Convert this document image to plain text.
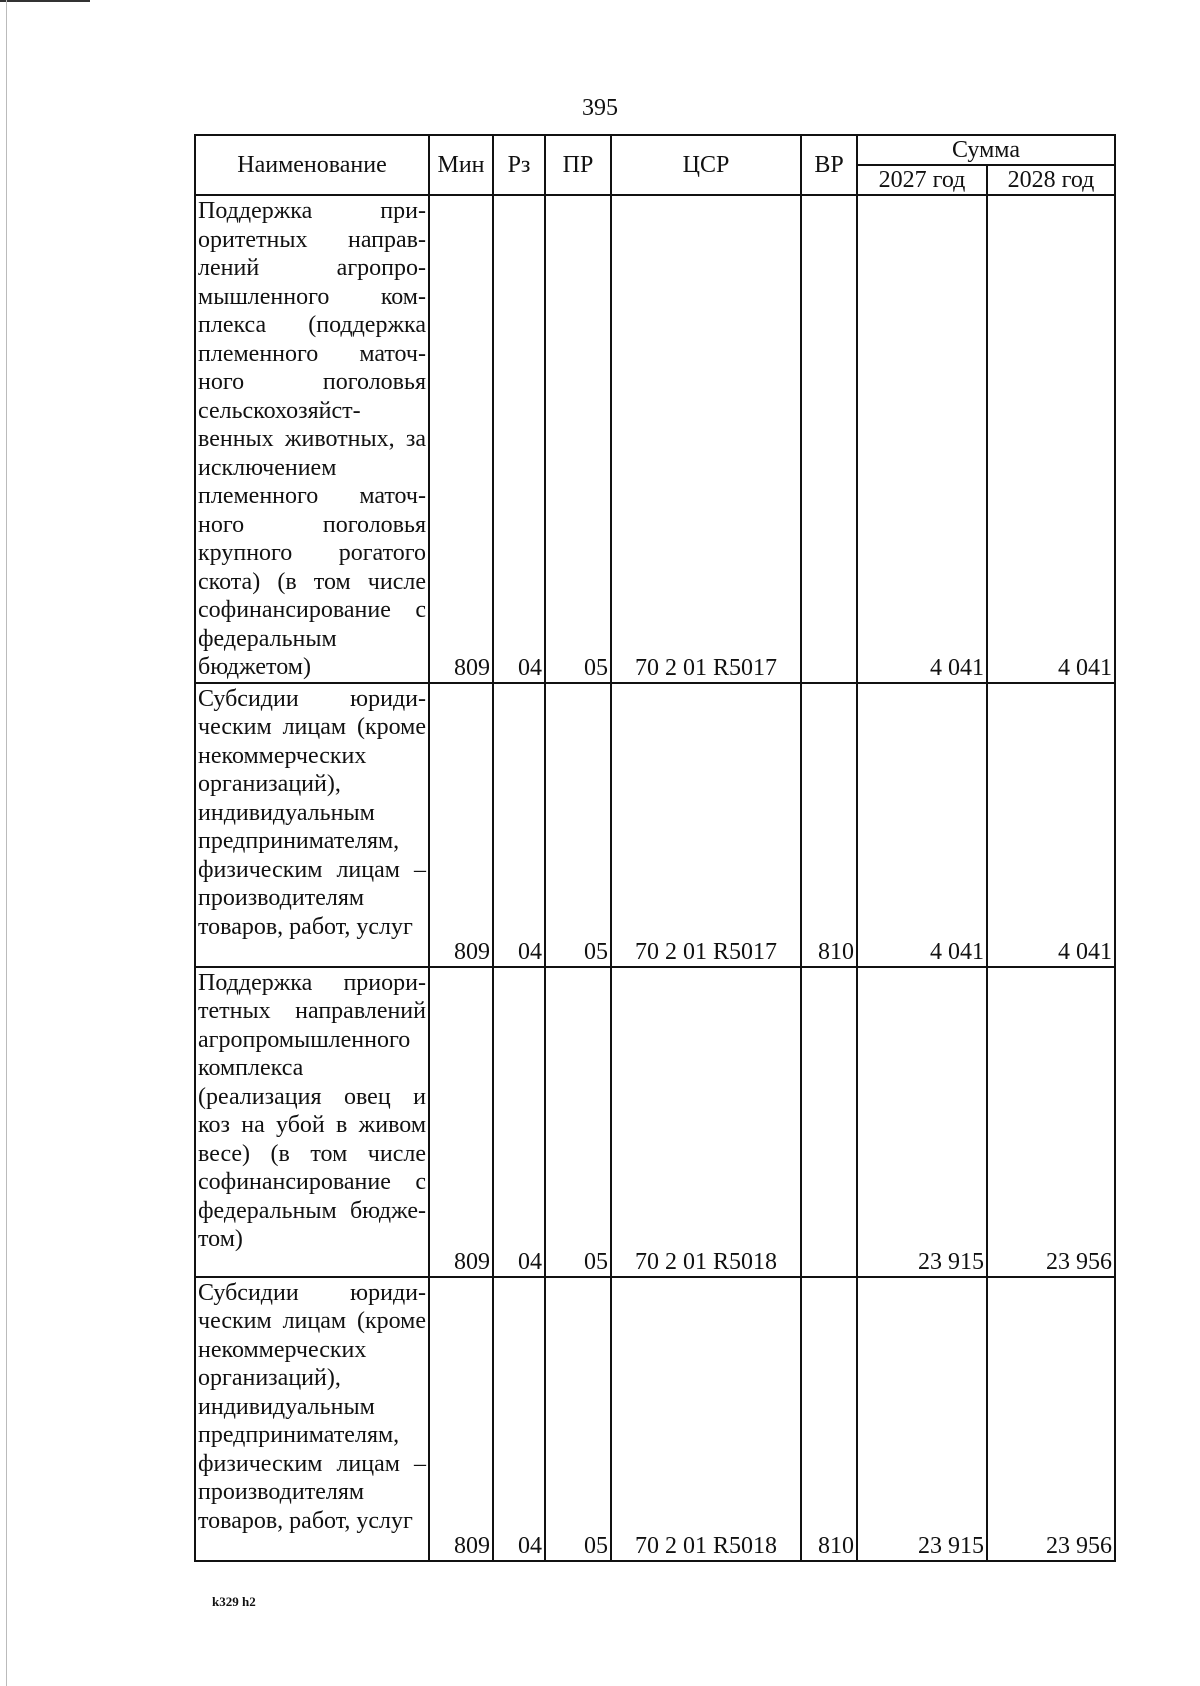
395
Наименование	Мин	Рз	ПР	ЦСР	ВР	Сумма	
						2027 год	2028 год
Поддержка приоритетных направлений агропромышленного комплекса (поддержка племенного маточного поголовья сельскохозяйственных животных, за исключением племенного маточного поголовья крупного рогатого скота) (в том числе софинансирование с федеральным бюджетом)	809	04	05	70 2 01 R5017		4 041	4 041
Субсидии юридическим лицам (кроме некоммерческих организаций), индивидуальным предпринимателям, физическим лицам – производителям товаров, работ, услуг	809	04	05	70 2 01 R5017	810	4 041	4 041
Поддержка приоритетных направлений агропромышленного комплекса (реализация овец и коз на убой в живом весе) (в том числе софинансирование с федеральным бюджетом)	809	04	05	70 2 01 R5018		23 915	23 956
Субсидии юридическим лицам (кроме некоммерческих организаций), индивидуальным предпринимателям, физическим лицам – производителям товаров, работ, услуг	809	04	05	70 2 01 R5018	810	23 915	23 956
k329 h2
